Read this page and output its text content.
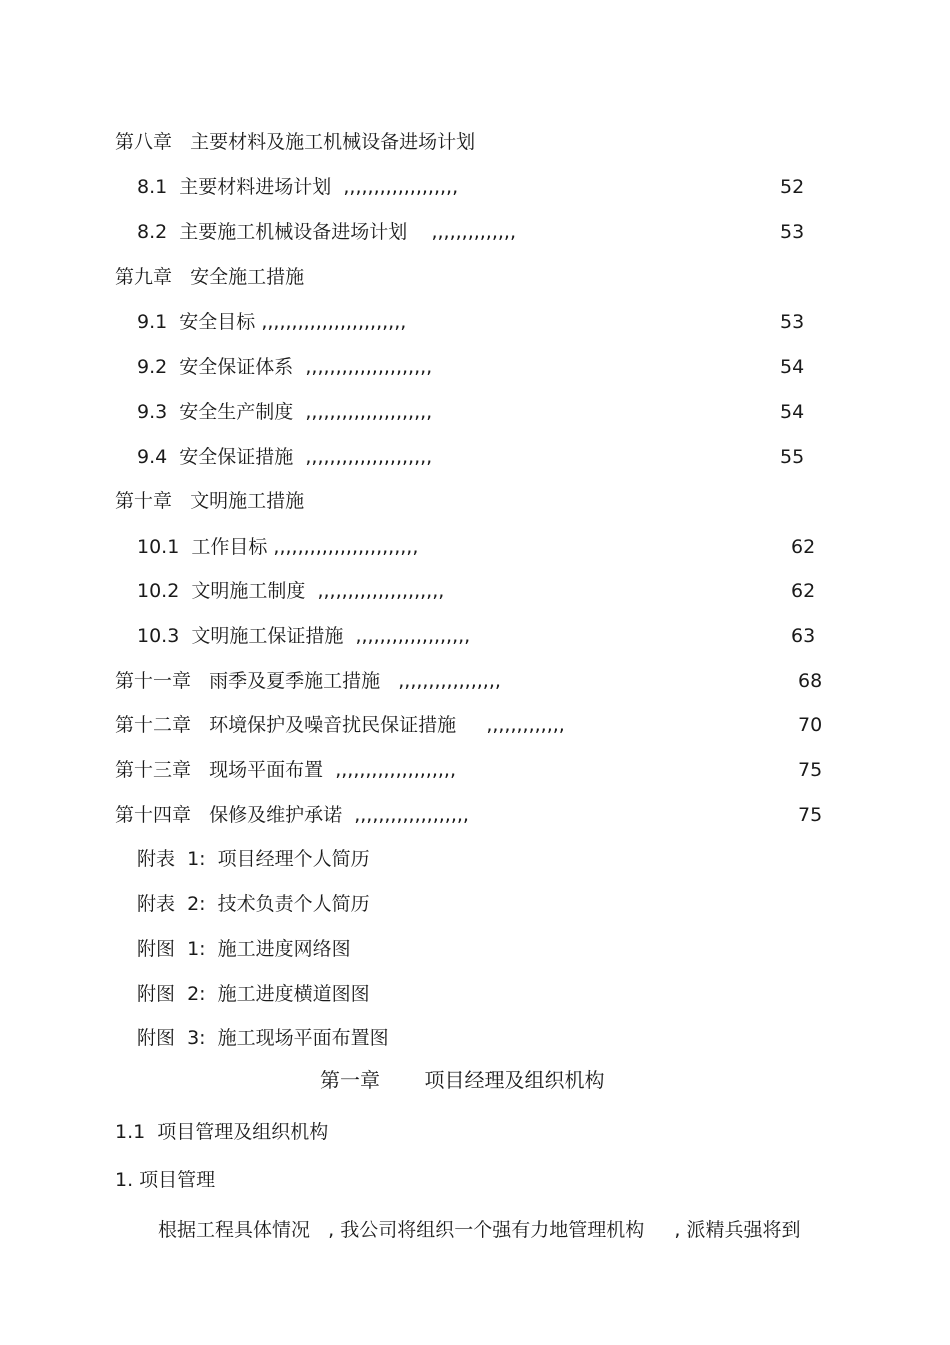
第八章   主要材料及施工机械设备进场计划
8.1  主要材料进场计划  ,,,,,,,,,,,,,,,,,,,	52
8.2  主要施工机械设备进场计划    ,,,,,,,,,,,,,,	53
第九章   安全施工措施
9.1  安全目标 ,,,,,,,,,,,,,,,,,,,,,,,,	53
9.2  安全保证体系  ,,,,,,,,,,,,,,,,,,,,,	54
9.3  安全生产制度  ,,,,,,,,,,,,,,,,,,,,,	54
9.4  安全保证措施  ,,,,,,,,,,,,,,,,,,,,,	55
第十章   文明施工措施
10.1  工作目标 ,,,,,,,,,,,,,,,,,,,,,,,,	62
10.2  文明施工制度  ,,,,,,,,,,,,,,,,,,,,,	62
10.3  文明施工保证措施  ,,,,,,,,,,,,,,,,,,,	63
第十一章   雨季及夏季施工措施   ,,,,,,,,,,,,,,,,,	68
第十二章   环境保护及噪音扰民保证措施     ,,,,,,,,,,,,,	70
第十三章   现场平面布置  ,,,,,,,,,,,,,,,,,,,,	75
第十四章   保修及维护承诺  ,,,,,,,,,,,,,,,,,,,	75
附表  1:  项目经理个人简历
附表  2:  技术负责个人简历
附图  1:  施工进度网络图
附图  2:  施工进度横道图图
附图  3:  施工现场平面布置图
第一章       项目经理及组织机构
1.1  项目管理及组织机构
1. 项目管理
根据工程具体情况   , 我公司将组织一个强有力地管理机构     , 派精兵强将到
